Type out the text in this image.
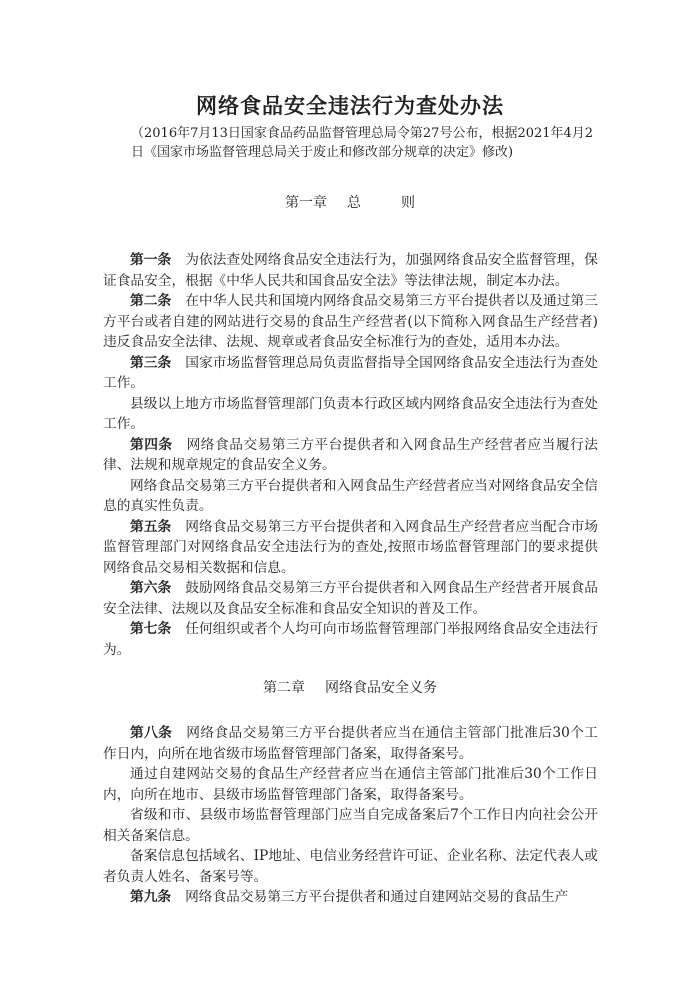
网络食品安全违法行为查处办法

（2016年7月13日国家食品药品监督管理总局令第27号公布，根据2021年4月2日《国家市场监督管理总局关于废止和修改部分规章的决定》修改)

第一章 总	则

第一条 为依法查处网络食品安全违法行为，加强网络食品安全监督管理，保证食品安全，根据《中华人民共和国食品安全法》等法律法规，制定本办法。

第二条 在中华人民共和国境内网络食品交易第三方平台提供者以及通过第三方平台或者自建的网站进行交易的食品生产经营者(以下简称入网食品生产经营者)违反食品安全法律、法规、规章或者食品安全标准行为的查处，适用本办法。

第三条 国家市场监督管理总局负责监督指导全国网络食品安全违法行为查处工作。

县级以上地方市场监督管理部门负责本行政区域内网络食品安全违法行为查处工作。

第四条 网络食品交易第三方平台提供者和入网食品生产经营者应当履行法律、法规和规章规定的食品安全义务。

网络食品交易第三方平台提供者和入网食品生产经营者应当对网络食品安全信息的真实性负责。

第五条 网络食品交易第三方平台提供者和入网食品生产经营者应当配合市场监督管理部门对网络食品安全违法行为的查处,按照市场监督管理部门的要求提供网络食品交易相关数据和信息。

第六条 鼓励网络食品交易第三方平台提供者和入网食品生产经营者开展食品安全法律、法规以及食品安全标准和食品安全知识的普及工作。

第七条 任何组织或者个人均可向市场监督管理部门举报网络食品安全违法行为。

第二章 网络食品安全义务

第八条 网络食品交易第三方平台提供者应当在通信主管部门批准后30个工作日内，向所在地省级市场监督管理部门备案，取得备案号。

通过自建网站交易的食品生产经营者应当在通信主管部门批准后30个工作日内，向所在地市、县级市场监督管理部门备案，取得备案号。

省级和市、县级市场监督管理部门应当自完成备案后7个工作日内向社会公开相关备案信息。

备案信息包括域名、IP地址、电信业务经营许可证、企业名称、法定代表人或者负责人姓名、备案号等。

第九条 网络食品交易第三方平台提供者和通过自建网站交易的食品生产
